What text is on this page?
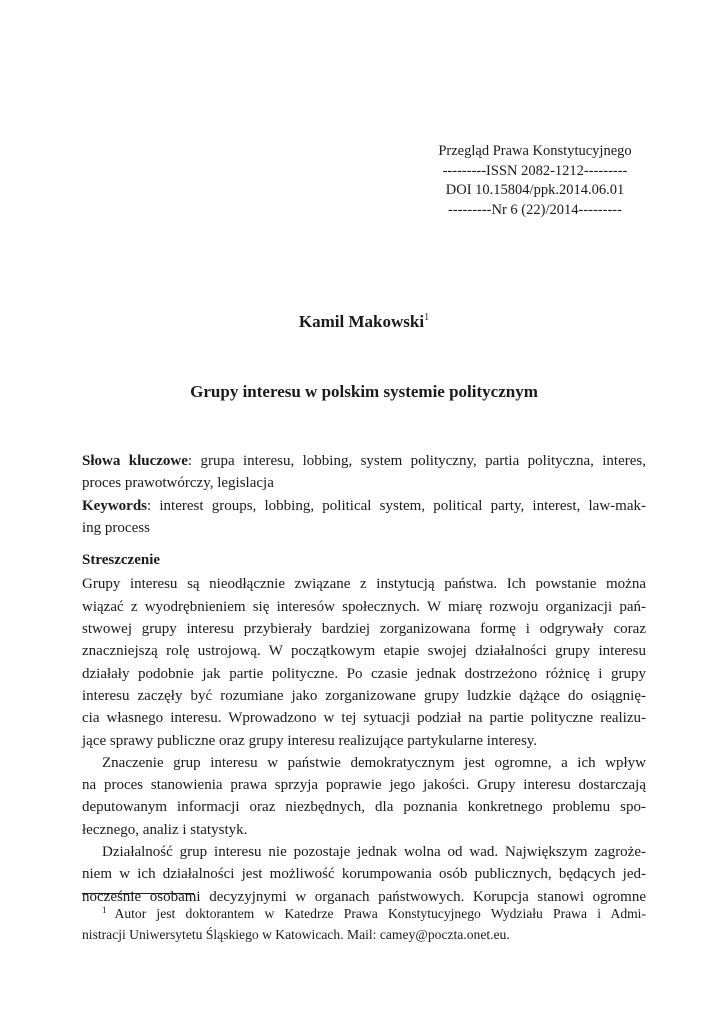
Przegląd Prawa Konstytucyjnego
---------ISSN 2082-1212---------
DOI 10.15804/ppk.2014.06.01
---------Nr 6 (22)/2014---------
Kamil Makowski$^1$
Grupy interesu w polskim systemie politycznym
Słowa kluczowe: grupa interesu, lobbing, system polityczny, partia polityczna, interes,
proces prawotwórczy, legislacja
Keywords: interest groups, lobbing, political system, political party, interest, law-mak-
ing process
Streszczenie
Grupy interesu są nieodłącznie związane z instytucją państwa. Ich powstanie można
wiązać z wyodrębnieniem się interesów społecznych. W miarę rozwoju organizacji pań-
stwowej grupy interesu przybierały bardziej zorganizowana formę i odgrywały coraz
znaczniejszą rolę ustrojową. W początkowym etapie swojej działalności grupy interesu
działały podobnie jak partie polityczne. Po czasie jednak dostrzeżono różnicę i grupy
interesu zaczęły być rozumiane jako zorganizowane grupy ludzkie dążące do osiągnię-
cia własnego interesu. Wprowadzono w tej sytuacji podział na partie polityczne realizu-
jące sprawy publiczne oraz grupy interesu realizujące partykularne interesy.
Znaczenie grup interesu w państwie demokratycznym jest ogromne, a ich wpływ
na proces stanowienia prawa sprzyja poprawie jego jakości. Grupy interesu dostarczają
deputowanym informacji oraz niezbędnych, dla poznania konkretnego problemu spo-
łecznego, analiz i statystyk.
Działalność grup interesu nie pozostaje jednak wolna od wad. Największym zagroże-
niem w ich działalności jest możliwość korumpowania osób publicznych, będących jed-
nocześnie osobami decyzyjnymi w organach państwowych. Korupcja stanowi ogromne
$^1$ Autor jest doktorantem w Katedrze Prawa Konstytucyjnego Wydziału Prawa i Admi-
nistracji Uniwersytetu Śląskiego w Katowicach. Mail: camey@poczta.onet.eu.
